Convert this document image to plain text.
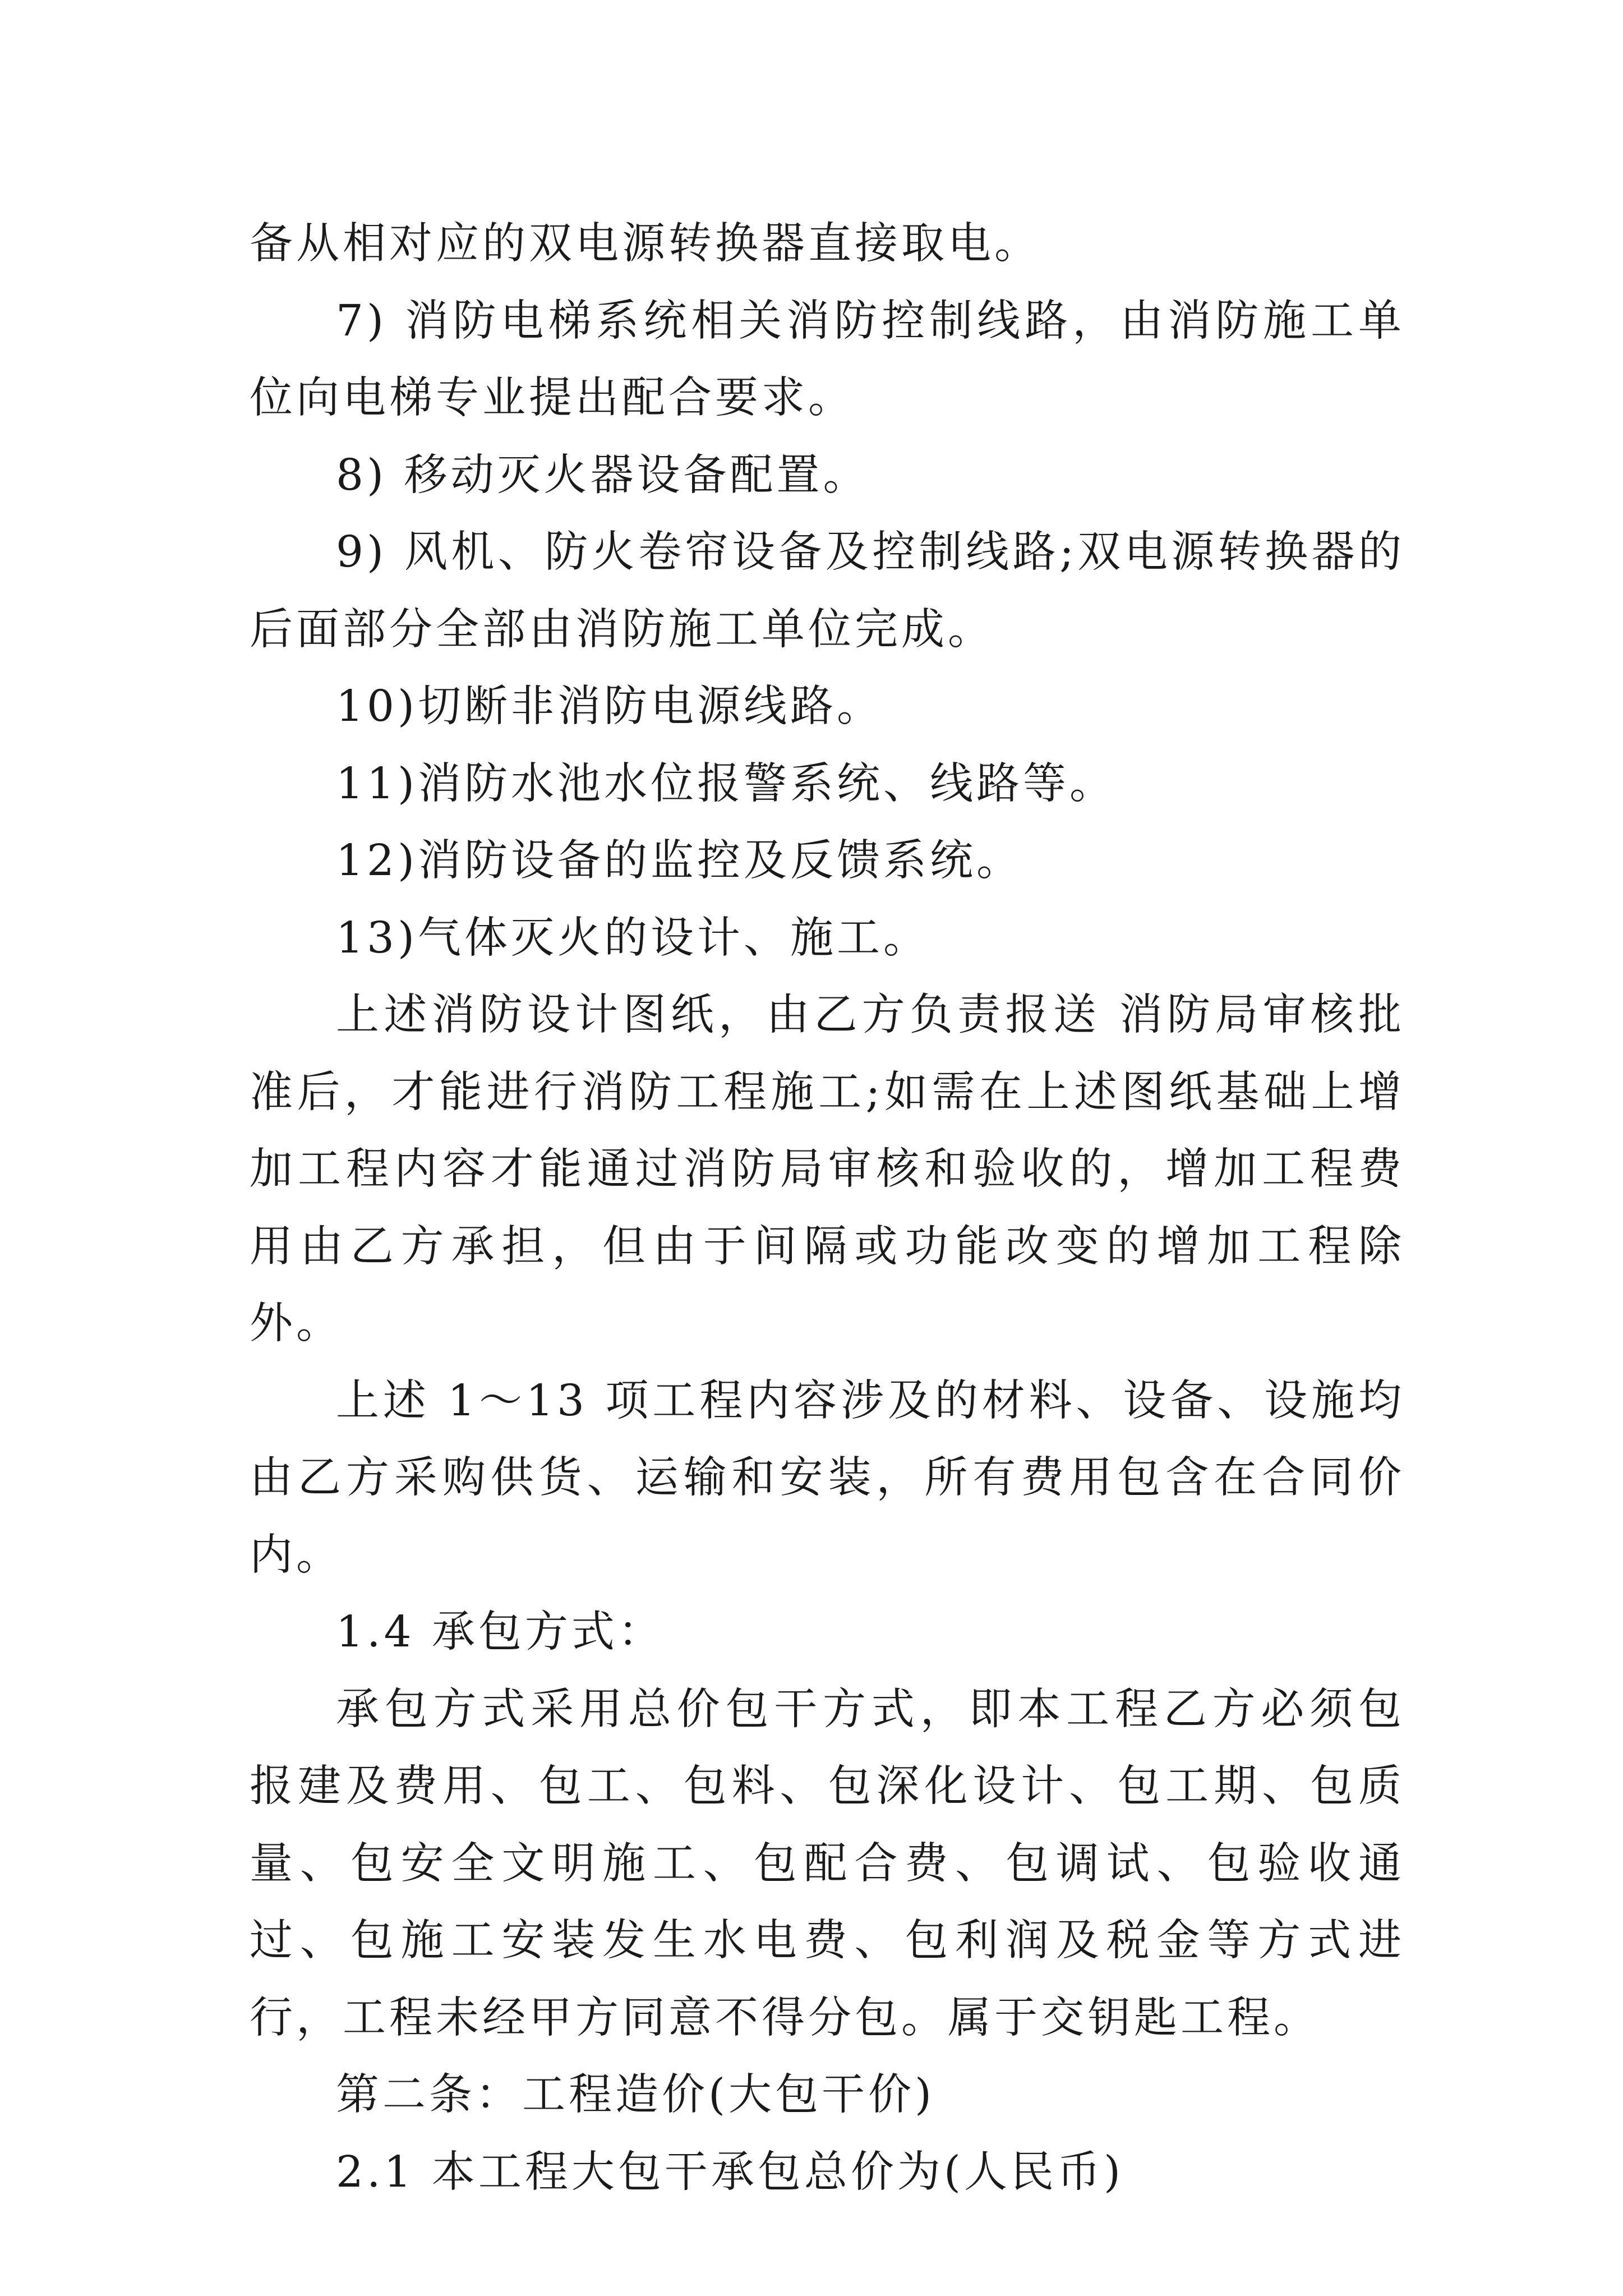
备从相对应的双电源转换器直接取电。

7) 消防电梯系统相关消防控制线路，由消防施工单位向电梯专业提出配合要求。

8) 移动灭火器设备配置。

9) 风机、防火卷帘设备及控制线路;双电源转换器的后面部分全部由消防施工单位完成。

10)切断非消防电源线路。

11)消防水池水位报警系统、线路等。

12)消防设备的监控及反馈系统。

13)气体灭火的设计、施工。

上述消防设计图纸，由乙方负责报送 消防局审核批准后，才能进行消防工程施工;如需在上述图纸基础上增加工程内容才能通过消防局审核和验收的，增加工程费用由乙方承担，但由于间隔或功能改变的增加工程除外。

上述 1～13 项工程内容涉及的材料、设备、设施均由乙方采购供货、运输和安装，所有费用包含在合同价内。

1.4 承包方式：

承包方式采用总价包干方式，即本工程乙方必须包报建及费用、包工、包料、包深化设计、包工期、包质量、包安全文明施工、包配合费、包调试、包验收通过、包施工安装发生水电费、包利润及税金等方式进行，工程未经甲方同意不得分包。属于交钥匙工程。

第二条：工程造价(大包干价)

2.1 本工程大包干承包总价为(人民币)
